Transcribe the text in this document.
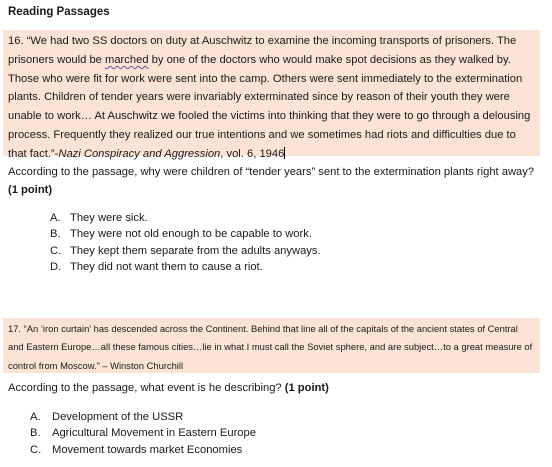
Reading Passages
16. “We had two SS doctors on duty at Auschwitz to examine the incoming transports of prisoners. The prisoners would be marched by one of the doctors who would make spot decisions as they walked by. Those who were fit for work were sent into the camp. Others were sent immediately to the extermination plants. Children of tender years were invariably exterminated since by reason of their youth they were unable to work… At Auschwitz we fooled the victims into thinking that they were to go through a delousing process. Frequently they realized our true intentions and we sometimes had riots and difficulties due to that fact.”-Nazi Conspiracy and Aggression, vol. 6, 1946
According to the passage, why were children of “tender years” sent to the extermination plants right away? (1 point)
A. They were sick.
B. They were not old enough to be capable to work.
C. They kept them separate from the adults anyways.
D. They did not want them to cause a riot.
17. “An ‘iron curtain’ has descended across the Continent. Behind that line all of the capitals of the ancient states of Central and Eastern Europe…all these famous cities…lie in what I must call the Soviet sphere, and are subject…to a great measure of control from Moscow.” – Winston Churchill
According to the passage, what event is he describing? (1 point)
A. Development of the USSR
B. Agricultural Movement in Eastern Europe
C. Movement towards market Economies
